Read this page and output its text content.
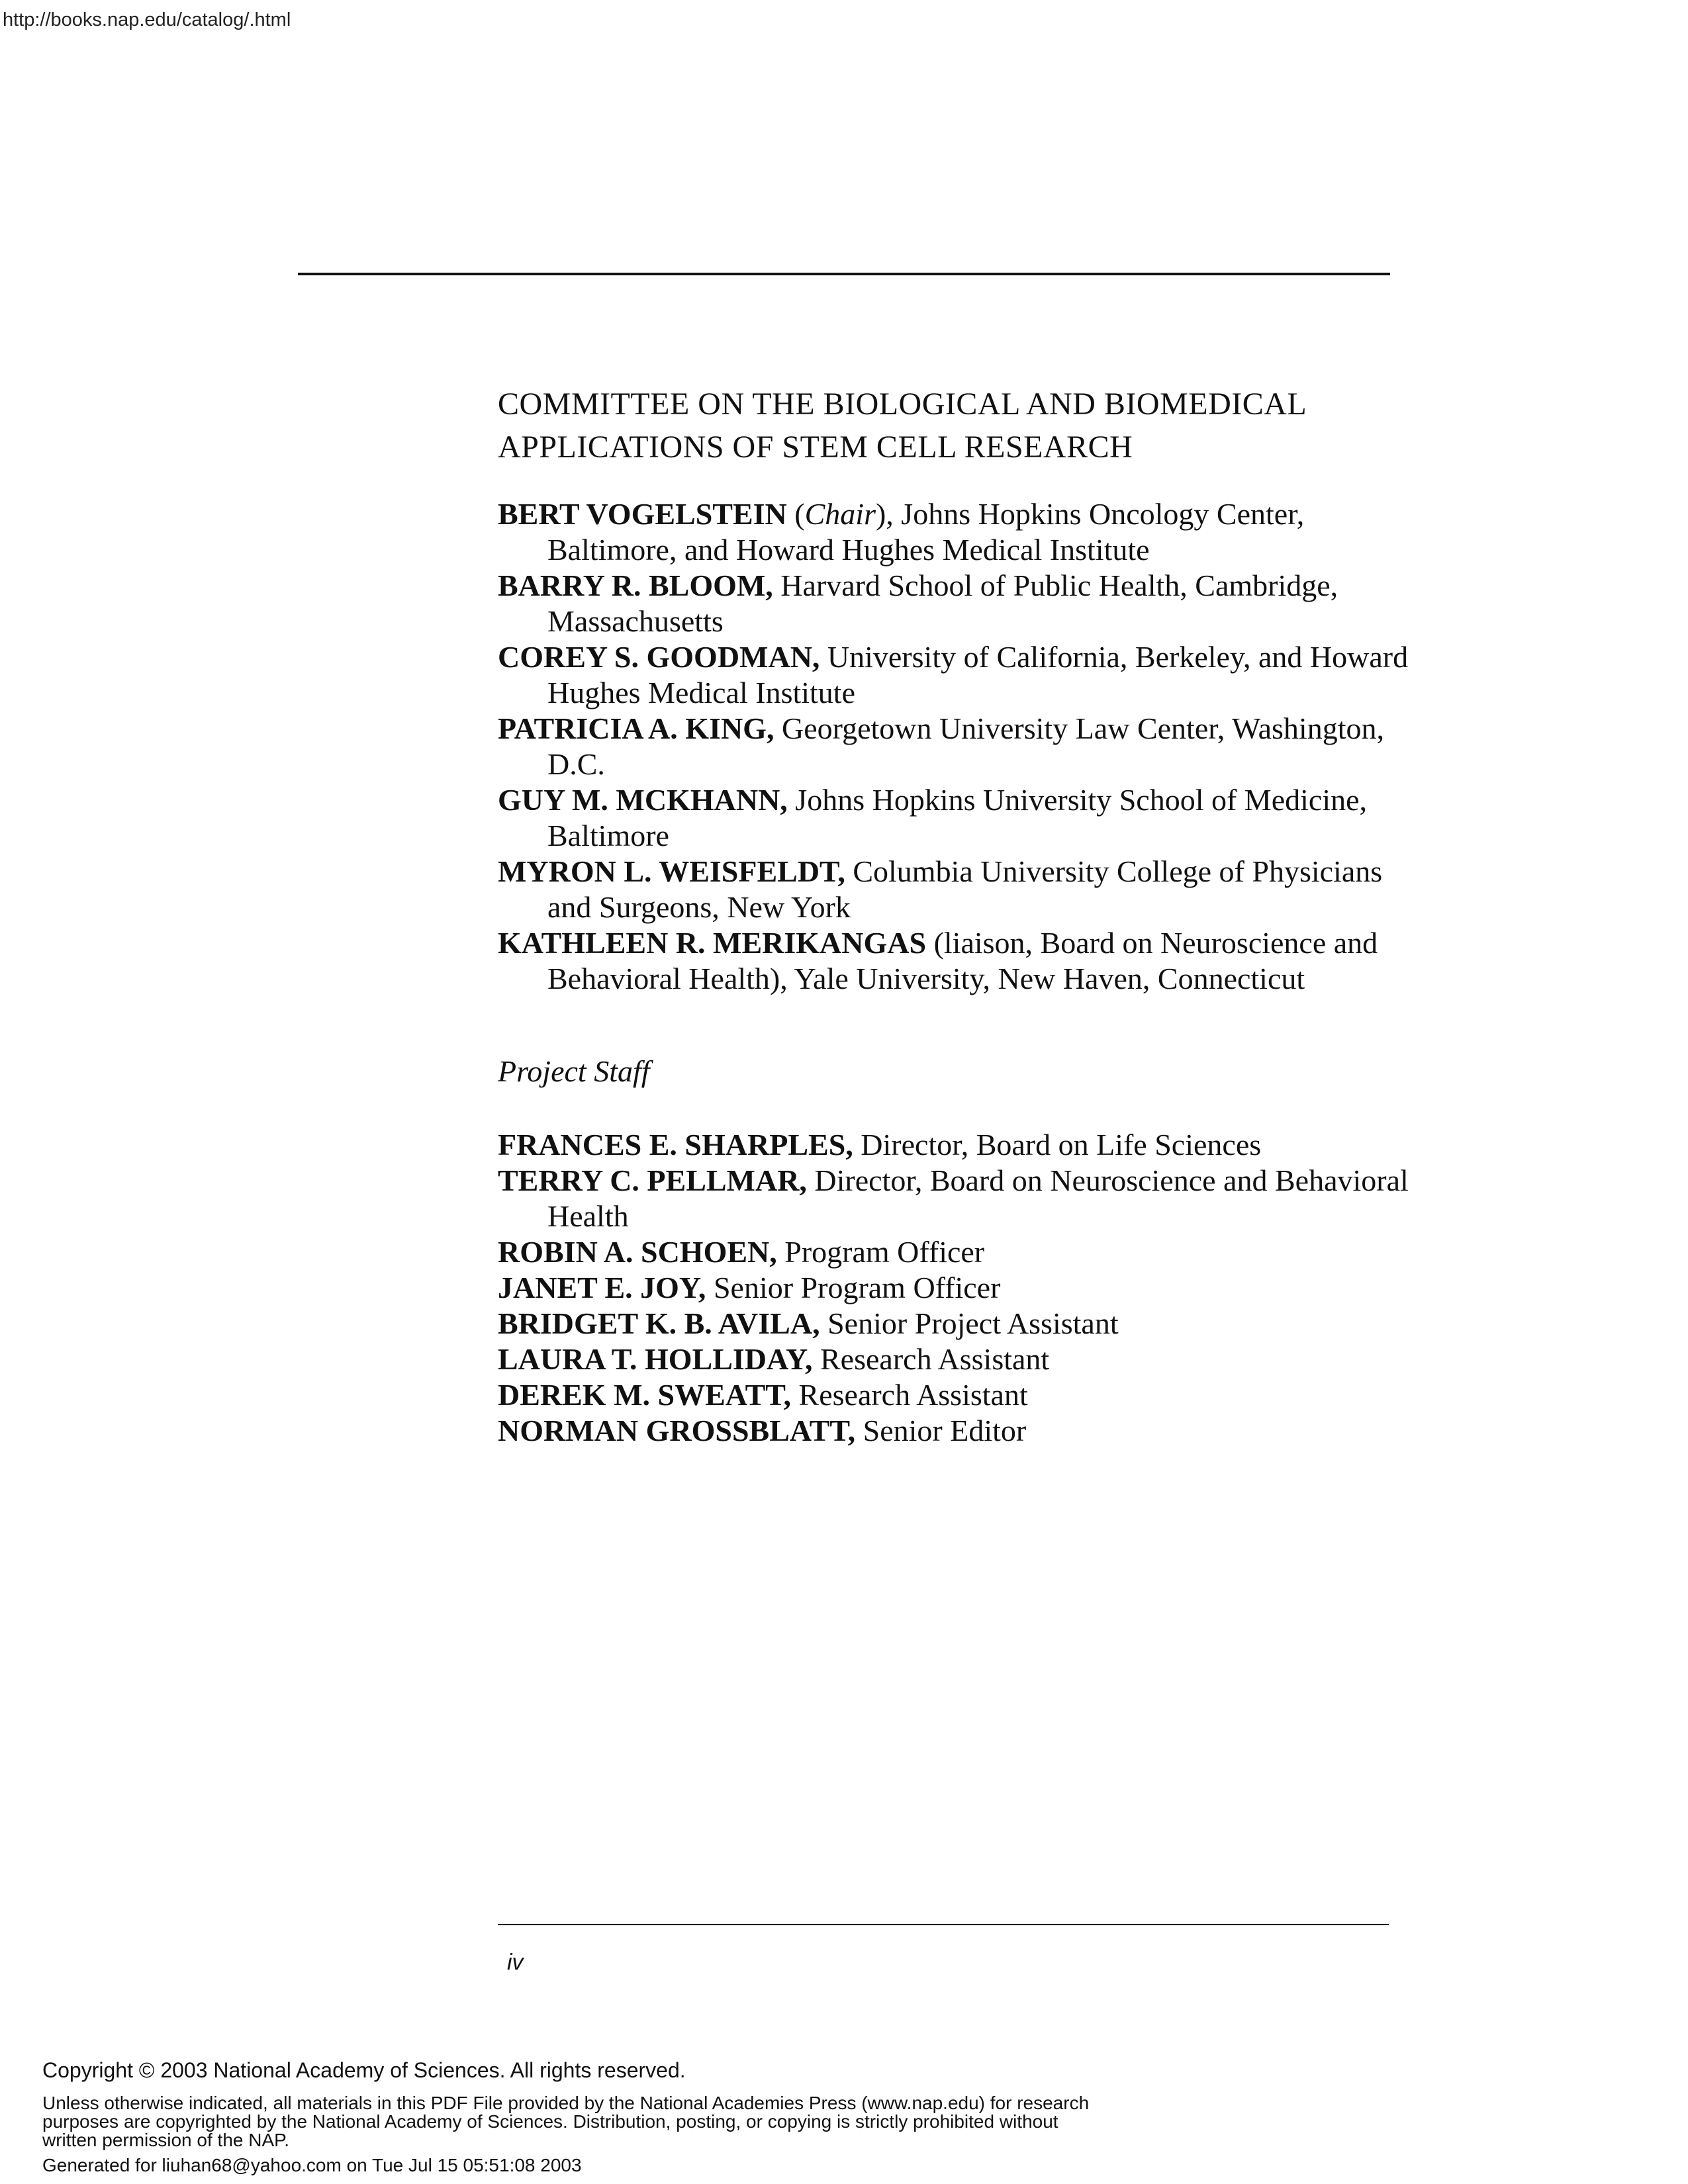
http://books.nap.edu/catalog/.html

COMMITTEE ON THE BIOLOGICAL AND BIOMEDICAL
APPLICATIONS OF STEM CELL RESEARCH

BERT VOGELSTEIN (Chair), Johns Hopkins Oncology Center, Baltimore, and Howard Hughes Medical Institute

BARRY R. BLOOM, Harvard School of Public Health, Cambridge, Massachusetts

COREY S. GOODMAN, University of California, Berkeley, and Howard Hughes Medical Institute

PATRICIA A. KING, Georgetown University Law Center, Washington, D.C.

GUY M. MCKHANN, Johns Hopkins University School of Medicine, Baltimore

MYRON L. WEISFELDT, Columbia University College of Physicians and Surgeons, New York

KATHLEEN R. MERIKANGAS (liaison, Board on Neuroscience and Behavioral Health), Yale University, New Haven, Connecticut

Project Staff

FRANCES E. SHARPLES, Director, Board on Life Sciences

TERRY C. PELLMAR, Director, Board on Neuroscience and Behavioral Health

ROBIN A. SCHOEN, Program Officer

JANET E. JOY, Senior Program Officer

BRIDGET K. B. AVILA, Senior Project Assistant

LAURA T. HOLLIDAY, Research Assistant

DEREK M. SWEATT, Research Assistant

NORMAN GROSSBLATT, Senior Editor

iv
Copyright © 2003 National Academy of Sciences. All rights reserved.
Unless otherwise indicated, all materials in this PDF File provided by the National Academies Press (www.nap.edu) for research
purposes are copyrighted by the National Academy of Sciences. Distribution, posting, or copying is strictly prohibited without
written permission of the NAP.
Generated for liuhan68@yahoo.com on Tue Jul 15 05:51:08 2003
